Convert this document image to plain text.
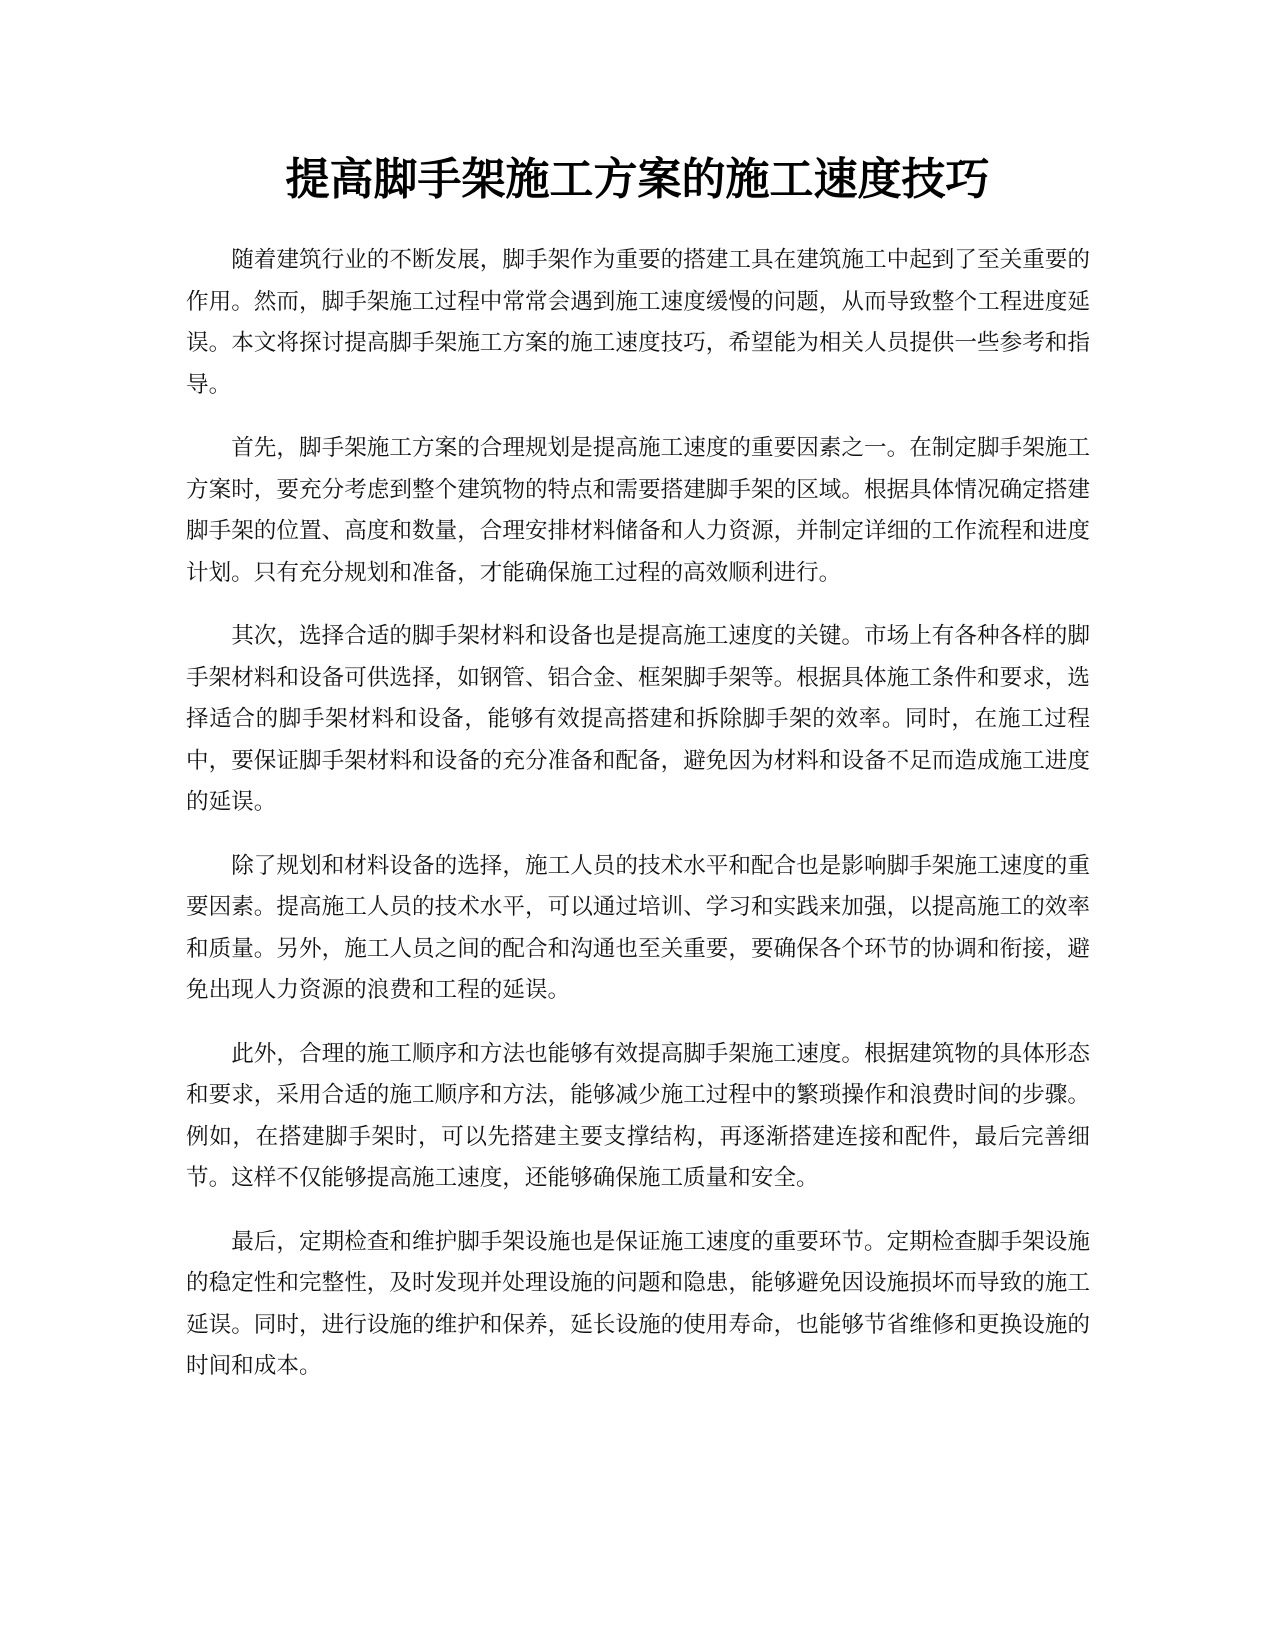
提高脚手架施工方案的施工速度技巧

随着建筑行业的不断发展，脚手架作为重要的搭建工具在建筑施工中起到了至关重要的作用。然而，脚手架施工过程中常常会遇到施工速度缓慢的问题，从而导致整个工程进度延误。本文将探讨提高脚手架施工方案的施工速度技巧，希望能为相关人员提供一些参考和指导。

首先，脚手架施工方案的合理规划是提高施工速度的重要因素之一。在制定脚手架施工方案时，要充分考虑到整个建筑物的特点和需要搭建脚手架的区域。根据具体情况确定搭建脚手架的位置、高度和数量，合理安排材料储备和人力资源，并制定详细的工作流程和进度计划。只有充分规划和准备，才能确保施工过程的高效顺利进行。

其次，选择合适的脚手架材料和设备也是提高施工速度的关键。市场上有各种各样的脚手架材料和设备可供选择，如钢管、铝合金、框架脚手架等。根据具体施工条件和要求，选择适合的脚手架材料和设备，能够有效提高搭建和拆除脚手架的效率。同时，在施工过程中，要保证脚手架材料和设备的充分准备和配备，避免因为材料和设备不足而造成施工进度的延误。

除了规划和材料设备的选择，施工人员的技术水平和配合也是影响脚手架施工速度的重要因素。提高施工人员的技术水平，可以通过培训、学习和实践来加强，以提高施工的效率和质量。另外，施工人员之间的配合和沟通也至关重要，要确保各个环节的协调和衔接，避免出现人力资源的浪费和工程的延误。

此外，合理的施工顺序和方法也能够有效提高脚手架施工速度。根据建筑物的具体形态和要求，采用合适的施工顺序和方法，能够减少施工过程中的繁琐操作和浪费时间的步骤。例如，在搭建脚手架时，可以先搭建主要支撑结构，再逐渐搭建连接和配件，最后完善细节。这样不仅能够提高施工速度，还能够确保施工质量和安全。

最后，定期检查和维护脚手架设施也是保证施工速度的重要环节。定期检查脚手架设施的稳定性和完整性，及时发现并处理设施的问题和隐患，能够避免因设施损坏而导致的施工延误。同时，进行设施的维护和保养，延长设施的使用寿命，也能够节省维修和更换设施的时间和成本。
